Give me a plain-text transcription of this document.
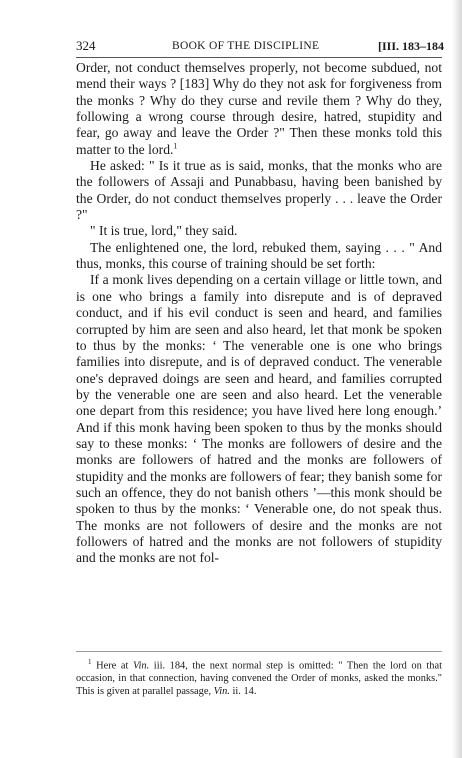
324	BOOK OF THE DISCIPLINE	[III. 183–184

Order, not conduct themselves properly, not become subdued, not mend their ways ? [183] Why do they not ask for forgiveness from the monks ? Why do they curse and revile them ? Why do they, following a wrong course through desire, hatred, stupidity and fear, go away and leave the Order ?" Then these monks told this matter to the lord.$^1$

He asked: " Is it true as is said, monks, that the monks who are the followers of Assaji and Punabbasu, having been banished by the Order, do not conduct themselves properly . . . leave the Order ?"

" It is true, lord," they said.

The enlightened one, the lord, rebuked them, saying . . . " And thus, monks, this course of training should be set forth:

If a monk lives depending on a certain village or little town, and is one who brings a family into disrepute and is of depraved conduct, and if his evil conduct is seen and heard, and families corrupted by him are seen and also heard, let that monk be spoken to thus by the monks: ‘ The venerable one is one who brings families into disrepute, and is of depraved conduct. The venerable one's depraved doings are seen and heard, and families corrupted by the venerable one are seen and also heard. Let the venerable one depart from this residence; you have lived here long enough.’ And if this monk having been spoken to thus by the monks should say to these monks: ‘ The monks are followers of desire and the monks are followers of hatred and the monks are followers of stupidity and the monks are followers of fear; they banish some for such an offence, they do not banish others ’—this monk should be spoken to thus by the monks: ‘ Venerable one, do not speak thus. The monks are not followers of desire and the monks are not followers of hatred and the monks are not followers of stupidity and the monks are not fol-

$^1$ Here at Vin. iii. 184, the next normal step is omitted: " Then the lord on that occasion, in that connection, having convened the Order of monks, asked the monks." This is given at parallel passage, Vin. ii. 14.
